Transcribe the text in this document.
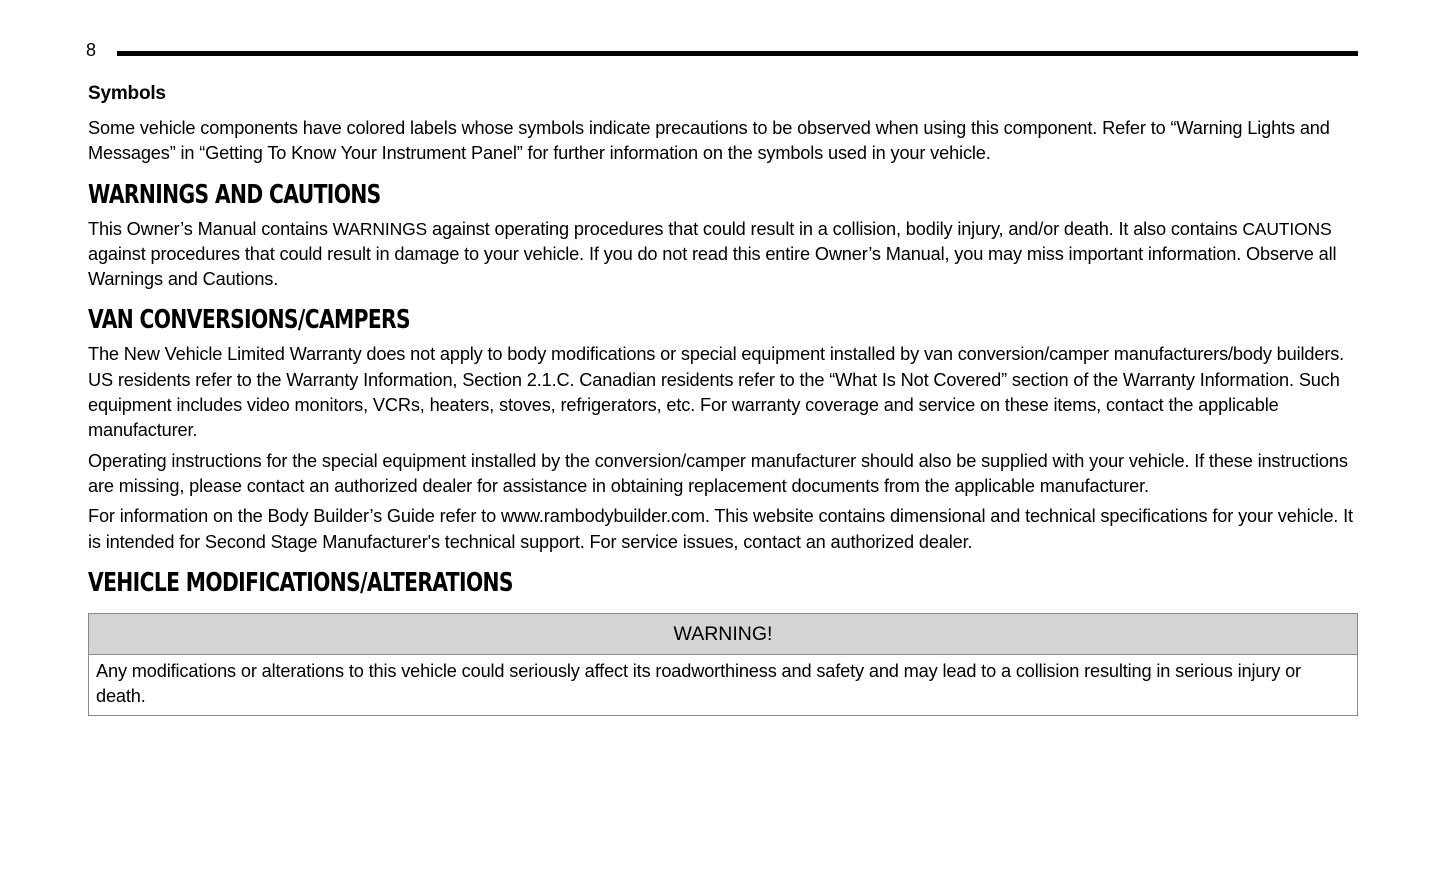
8
Symbols

Some vehicle components have colored labels whose symbols indicate precautions to be observed when using this component. Refer to “Warning Lights and Messages” in “Getting To Know Your Instrument Panel” for further information on the symbols used in your vehicle.

WARNINGS AND CAUTIONS

This Owner’s Manual contains WARNINGS against operating procedures that could result in a collision, bodily injury, and/or death. It also contains CAUTIONS against procedures that could result in damage to your vehicle. If you do not read this entire Owner’s Manual, you may miss important information. Observe all Warnings and Cautions.

VAN CONVERSIONS/CAMPERS

The New Vehicle Limited Warranty does not apply to body modifications or special equipment installed by van conversion/camper manufacturers/body builders. US residents refer to the Warranty Information, Section 2.1.C. Canadian residents refer to the “What Is Not Covered” section of the Warranty Information. Such equipment includes video monitors, VCRs, heaters, stoves, refrigerators, etc. For warranty coverage and service on these items, contact the applicable manufacturer.

Operating instructions for the special equipment installed by the conversion/camper manufacturer should also be supplied with your vehicle. If these instructions are missing, please contact an authorized dealer for assistance in obtaining replacement documents from the applicable manufacturer.

For information on the Body Builder’s Guide refer to www.rambodybuilder.com. This website contains dimensional and technical specifications for your vehicle. It is intended for Second Stage Manufacturer's technical support. For service issues, contact an authorized dealer.

VEHICLE MODIFICATIONS/ALTERATIONS
WARNING!
Any modifications or alterations to this vehicle could seriously affect its roadworthiness and safety and may lead to a collision resulting in serious injury or death.
